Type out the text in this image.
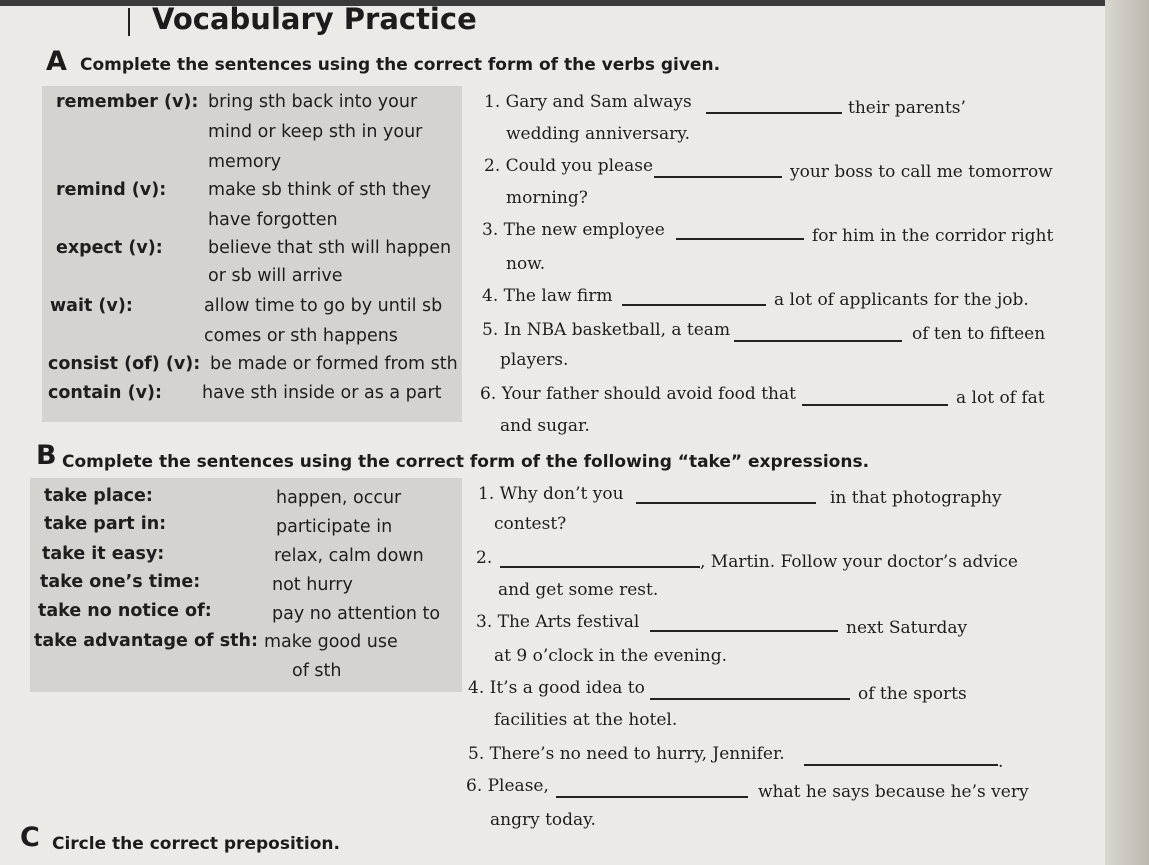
Vocabulary Practice
A Complete the sentences using the correct form of the verbs given.
remember (v): bring sth back into your
mind or keep sth in your
memory
remind (v): make sb think of sth they
have forgotten
expect (v):	believe that sth will happen
or sb will arrive
wait (v):	allow time to go by until sb
comes or sth happens
consist (of) (v): be made or formed from sth
contain (v): have sth inside or as a part
1. Gary and Sam always	their parents’
wedding anniversary.
2. Could you please	your boss to call me tomorrow
morning?
3. The new employee	for him in the corridor right
now.
4. The law firm	a lot of applicants for the job.
5. In NBA basketball, a team	of ten to fifteen
players.
6. Your father should avoid food that	a lot of fat
and sugar.
B Complete the sentences using the correct form of the following “take” expressions.
take place:	happen, occur
take part in:	participate in
take it easy:	relax, calm down
take one’s time:	not hurry
take no notice of:	pay no attention to
take advantage of sth: make good use
of sth
1. Why don’t you	in that photography
contest?
2.	, Martin. Follow your doctor’s advice
and get some rest.
3. The Arts festival	next Saturday
at 9 o’clock in the evening.
4. It’s a good idea to	of the sports
facilities at the hotel.
5. There’s no need to hurry, Jennifer.	.
6. Please,	what he says because he’s very
angry today.
C Circle the correct preposition.
